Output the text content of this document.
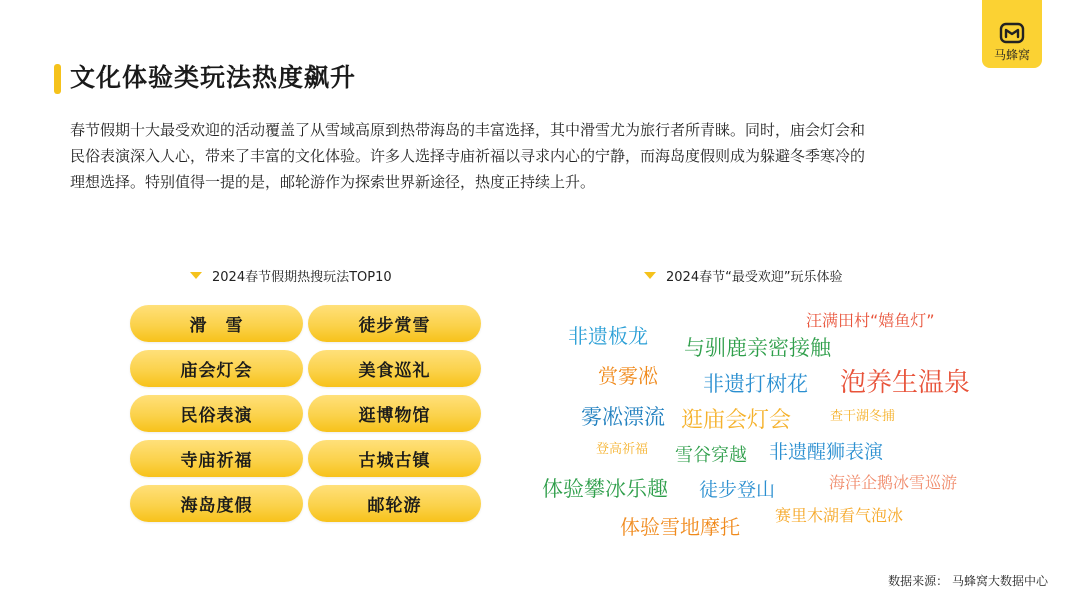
文化体验类玩法热度飙升
马蜂窝

春节假期十大最受欢迎的活动覆盖了从雪域高原到热带海岛的丰富选择，其中滑雪尤为旅行者所青睐。同时，庙会灯会和

民俗表演深入人心，带来了丰富的文化体验。许多人选择寺庙祈福以寻求内心的宁静，而海岛度假则成为躲避冬季寒冷的

理想选择。特别值得一提的是，邮轮游作为探索世界新途径，热度正持续上升。

2024春节假期热搜玩法TOP10
滑　雪	徒步赏雪
庙会灯会	美食巡礼
民俗表演	逛博物馆
寺庙祈福	古城古镇
海岛度假	邮轮游
2024春节“最受欢迎”玩乐体验
非遗板龙
汪满田村“嬉鱼灯”
与驯鹿亲密接触
赏雾凇 非遗打树花 泡养生温泉
雾凇漂流 逛庙会灯会	查干湖冬捕
登高祈福 雪谷穿越 非遗醒狮表演
体验攀冰乐趣 徒步登山	海洋企鹅冰雪巡游
赛里木湖看气泡冰
体验雪地摩托
数据来源： 马蜂窝大数据中心
